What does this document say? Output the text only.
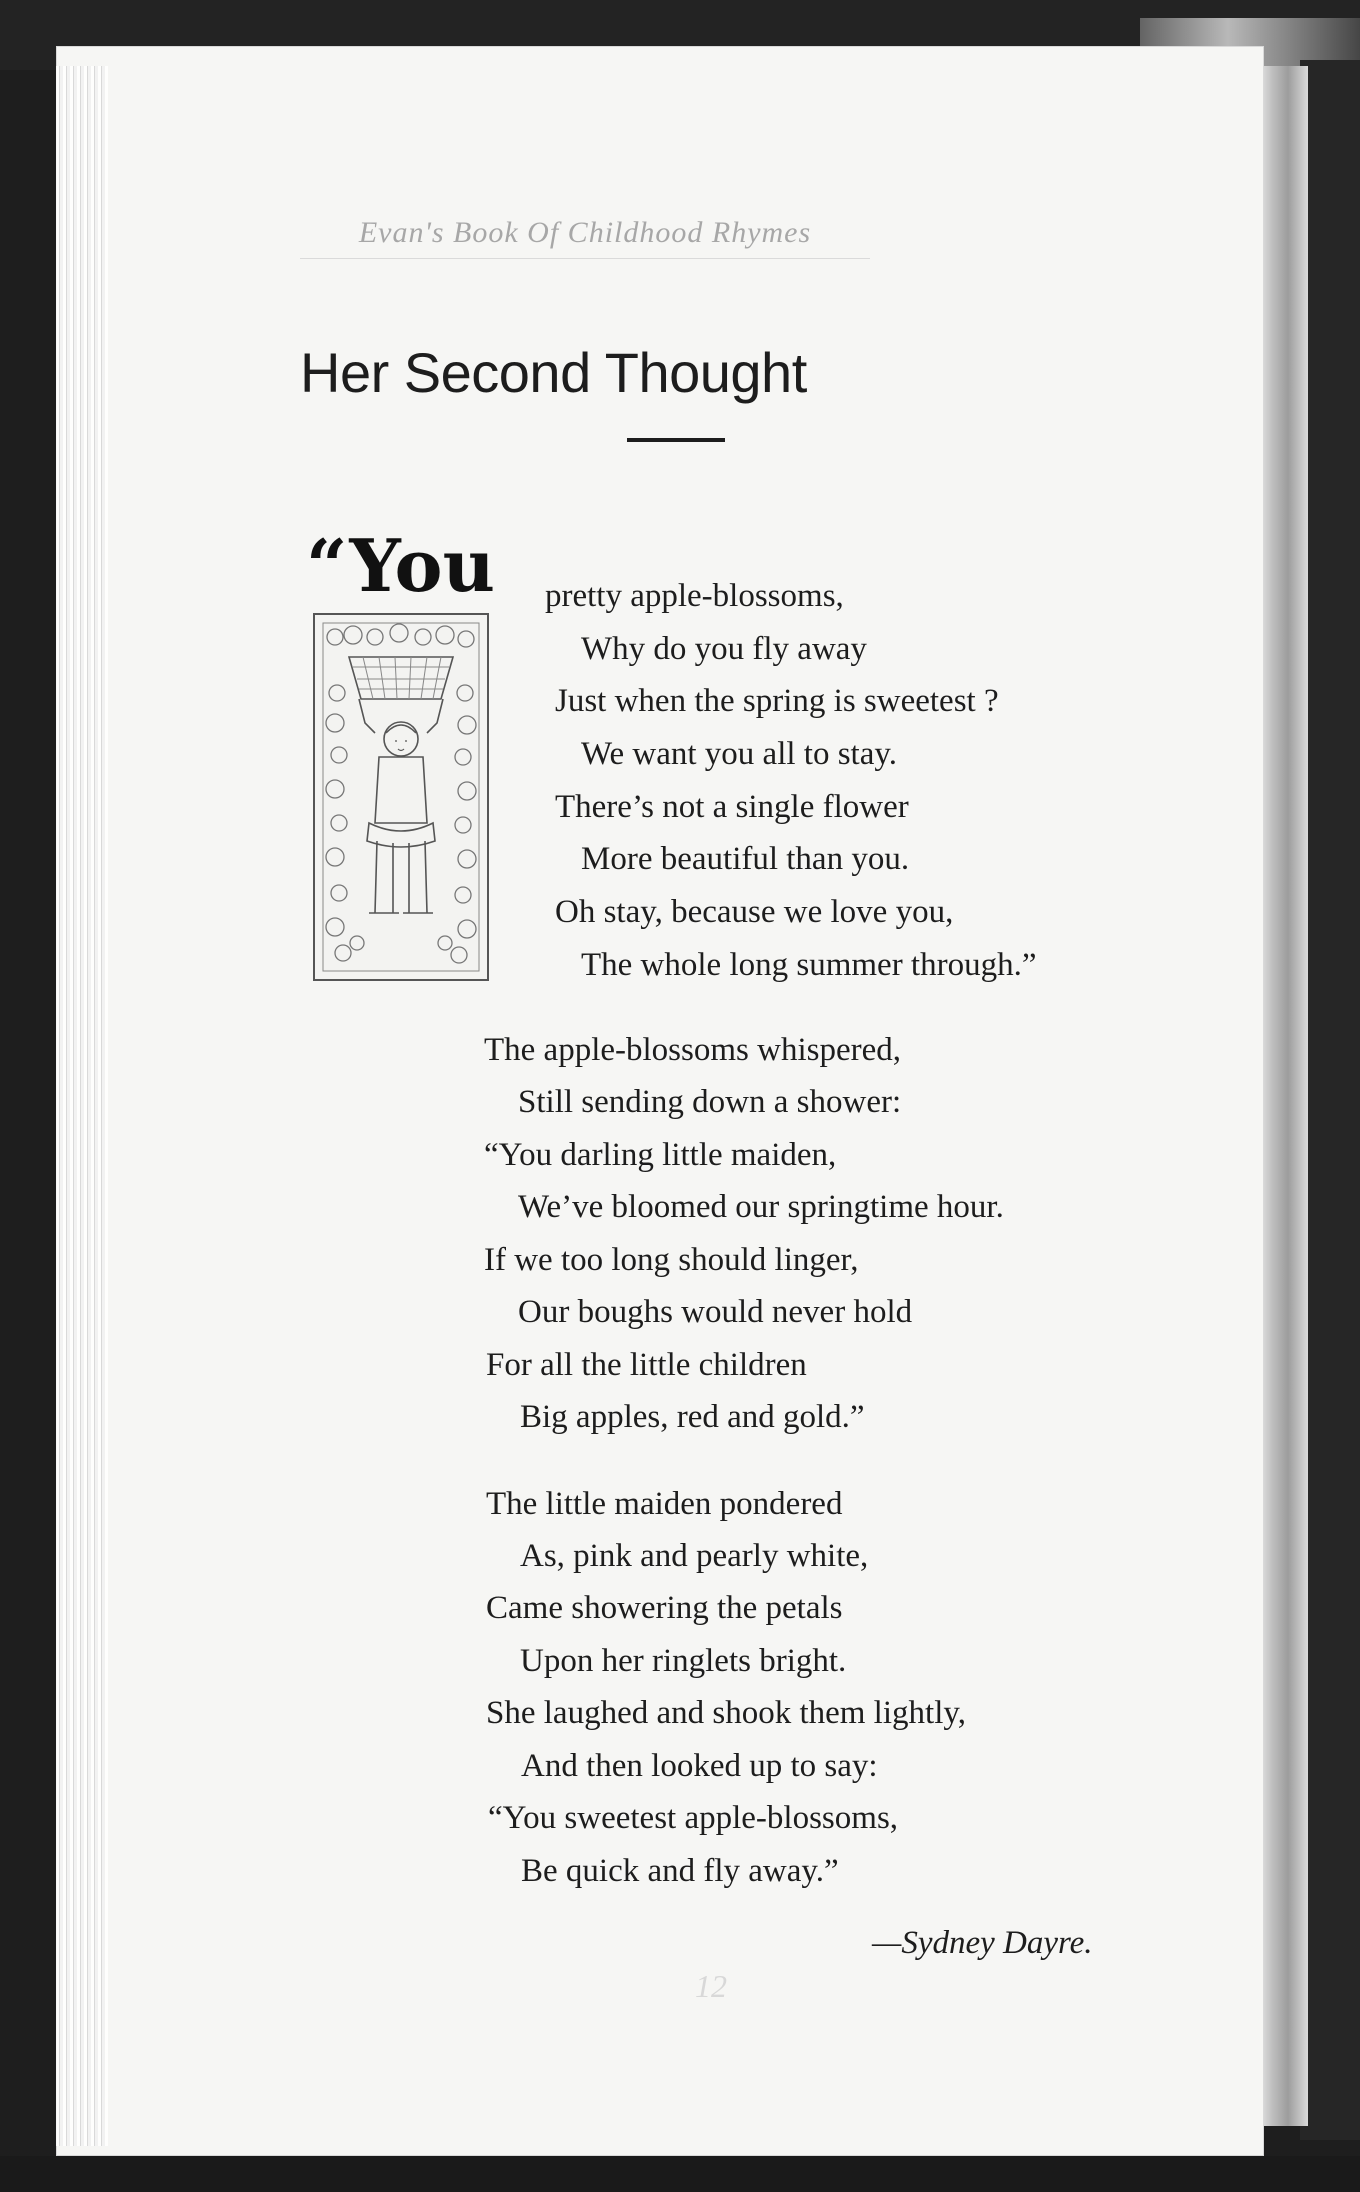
Evan's Book Of Childhood Rhymes
Her Second Thought
“You pretty apple-blossoms,
Why do you fly away
Just when the spring is sweetest ?
We want you all to stay.
There’s not a single flower
More beautiful than you.
Oh stay, because we love you,
The whole long summer through.”
The apple-blossoms whispered,
Still sending down a shower:
“You darling little maiden,
We’ve bloomed our springtime hour.
If we too long should linger,
Our boughs would never hold
For all the little children
Big apples, red and gold.”
The little maiden pondered
As, pink and pearly white,
Came showering the petals
Upon her ringlets bright.
She laughed and shook them lightly,
And then looked up to say:
“You sweetest apple-blossoms,
Be quick and fly away.”
—Sydney Dayre.
12
